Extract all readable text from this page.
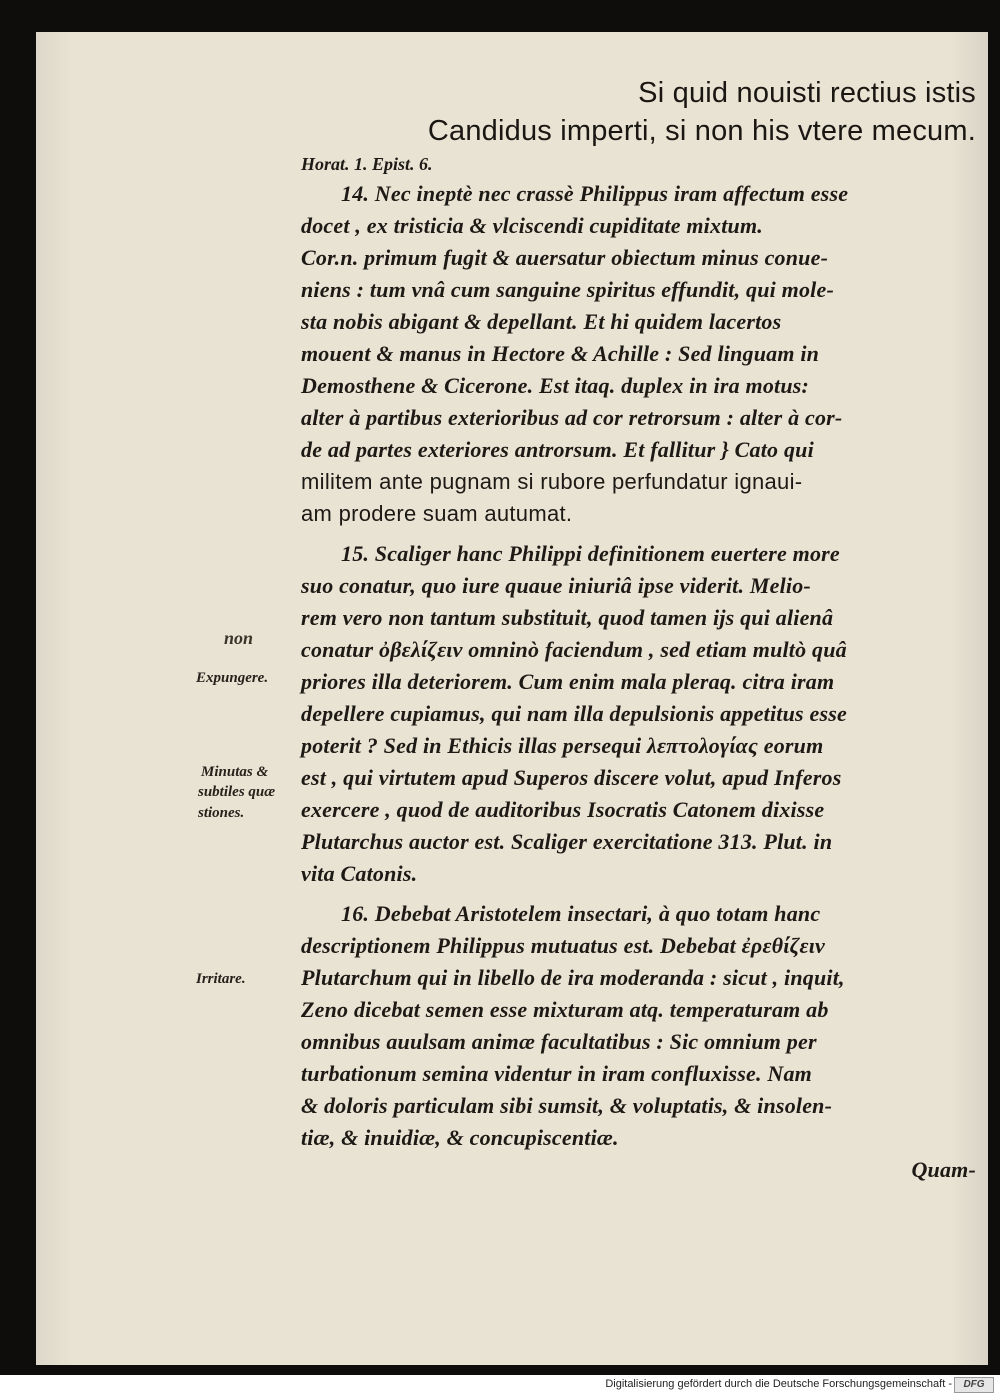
Si quid nouisti rectius istis
Candidus imperti, si non his vtere mecum.
Horat. 1. Epist. 6.
14. Nec ineptè nec crassè Philippus iram affectum esse
docet , ex tristicia & vlciscendi cupiditate mixtum.
Cor.n. primum fugit & auersatur obiectum minus conue-
niens : tum vnâ cum sanguine spiritus effundit, qui mole-
sta nobis abigant & depellant. Et hi quidem lacertos
mouent & manus in Hectore & Achille : Sed linguam in
Demosthene & Cicerone. Est itaq. duplex in ira motus:
alter à partibus exterioribus ad cor retrorsum : alter à cor-
de ad partes exteriores antrorsum. Et fallitur } Cato qui
militem ante pugnam si rubore perfundatur ignaui-
am prodere suam autumat.
15. Scaliger hanc Philippi definitionem euertere more
suo conatur, quo iure quaue iniuriâ ipse viderit. Melio-
rem vero non tantum substituit, quod tamen ijs qui alienâ
conatur ὀβελίζειν omninò faciendum , sed etiam multò quâ
priores illa deteriorem. Cum enim mala pleraq. citra iram
depellere cupiamus, qui nam illa depulsionis appetitus esse
poterit ? Sed in Ethicis illas persequi λεπτολογίας eorum
est , qui virtutem apud Superos discere volut, apud Inferos
exercere , quod de auditoribus Isocratis Catonem dixisse
Plutarchus auctor est. Scaliger exercitatione 313. Plut. in
vita Catonis.
16. Debebat Aristotelem insectari, à quo totam hanc
descriptionem Philippus mutuatus est. Debebat ἐρεθίζειν
Plutarchum qui in libello de ira moderanda : sicut , inquit,
Zeno dicebat semen esse mixturam atq. temperaturam ab
omnibus auulsam animæ facultatibus : Sic omnium per
turbationum semina videntur in iram confluxisse. Nam
& doloris particulam sibi sumsit, & voluptatis, & insolen-
tiæ, & inuidiæ, & concupiscentiæ.
Quam-
non
Expungere.
Minutas &
subtiles quæ
stiones.
Irritare.
Digitalisierung gefördert durch die Deutsche Forschungsgemeinschaft -	DFG
